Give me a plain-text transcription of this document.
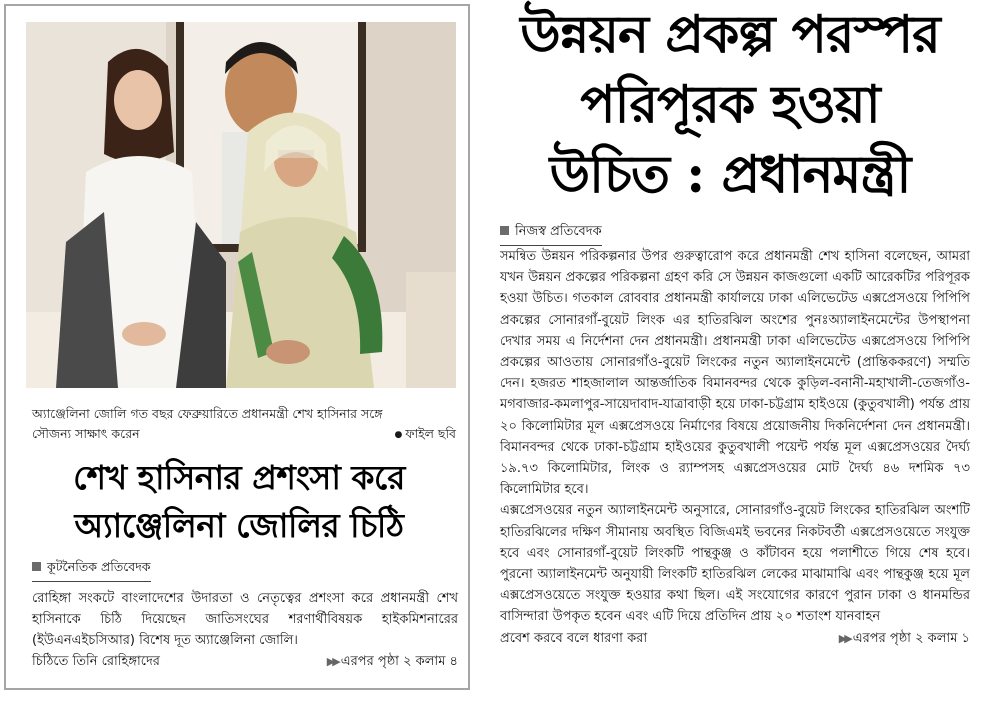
অ্যাঞ্জেলিনা জোলি গত বছর ফেব্রুয়ারিতে প্রধানমন্ত্রী শেখ হাসিনার সঙ্গে
সৌজন্য সাক্ষাৎ করেন
●	ফাইল ছবি
শেখ হাসিনার প্রশংসা করে
অ্যাঞ্জেলিনা জোলির চিঠি
কূটনৈতিক প্রতিবেদক
রোহিঙ্গা সংকটে বাংলাদেশের উদারতা ও নেতৃত্বের প্রশংসা করে প্রধানমন্ত্রী শেখ হাসিনাকে চিঠি দিয়েছেন জাতিসংঘের শরণার্থীবিষয়ক হাইকমিশনারের (ইউএনএইচসিআর) বিশেষ দূত অ্যাঞ্জেলিনা জোলি।
চিঠিতে তিনি রোহিঙ্গাদের	▶▶ এরপর পৃষ্ঠা ২ কলাম ৪
উন্নয়ন প্রকল্প পরস্পর
পরিপূরক হওয়া
উচিত : প্রধানমন্ত্রী
নিজস্ব প্রতিবেদক

সমন্বিত উন্নয়ন পরিকল্পনার উপর গুরুত্বারোপ করে প্রধানমন্ত্রী শেখ হাসিনা বলেছেন, আমরা যখন উন্নয়ন প্রকল্পের পরিকল্পনা গ্রহণ করি সে উন্নয়ন কাজগুলো একটি আরেকটির পরিপূরক হওয়া উচিত। গতকাল রোববার প্রধানমন্ত্রী কার্যালয়ে ঢাকা এলিভেটেড এক্সপ্রেসওয়ে পিপিপি প্রকল্পের সোনারগাঁ-বুয়েট লিংক এর হাতিরঝিল অংশের পুনঃঅ্যালাইনমেন্টের উপস্থাপনা দেখার সময় এ নির্দেশনা দেন প্রধানমন্ত্রী। প্রধানমন্ত্রী ঢাকা এলিভেটেড এক্সপ্রেসওয়ে পিপিপি প্রকল্পের আওতায় সোনারগাঁও-বুয়েট লিংকের নতুন অ্যালাইনমেন্টে (প্রান্তিককরণে) সম্মতি দেন। হজরত শাহজালাল আন্তর্জাতিক বিমানবন্দর থেকে কুড়িল-বনানী-মহাখালী-তেজগাঁও-মগবাজার-কমলাপুর-সায়েদাবাদ-যাত্রাবাড়ী হয়ে ঢাকা-চট্টগ্রাম হাইওয়ে (কুতুবখালী) পর্যন্ত প্রায় ২০ কিলোমিটার মূল এক্সপ্রেসওয়ে নির্মাণের বিষয়ে প্রয়োজনীয় দিকনির্দেশনা দেন প্রধানমন্ত্রী। বিমানবন্দর থেকে ঢাকা-চট্টগ্রাম হাইওয়ের কুতুবখালী পয়েন্ট পর্যন্ত মূল এক্সপ্রেসওয়ের দৈর্ঘ্য ১৯.৭৩ কিলোমিটার, লিংক ও র‌্যাম্পসহ এক্সপ্রেসওয়ের মোট দৈর্ঘ্য ৪৬ দশমিক ৭৩ কিলোমিটার হবে।

এক্সপ্রেসওয়ের নতুন অ্যালাইনমেন্ট অনুসারে, সোনারগাঁও-বুয়েট লিংকের হাতিরঝিল অংশটি হাতিরঝিলের দক্ষিণ সীমানায় অবস্থিত বিজিএমই ভবনের নিকটবর্তী এক্সপ্রেসওয়েতে সংযুক্ত হবে এবং সোনারগাঁ-বুয়েট লিংকটি পান্থকুঞ্জ ও কাঁটাবন হয়ে পলাশীতে গিয়ে শেষ হবে। পুরনো অ্যালাইনমেন্ট অনুযায়ী লিংকটি হাতিরঝিল লেকের মাঝামাঝি এবং পান্থকুঞ্জ হয়ে মূল এক্সপ্রেসওয়েতে সংযুক্ত হওয়ার কথা ছিল। এই সংযোগের কারণে পুরান ঢাকা ও ধানমন্ডির বাসিন্দারা উপকৃত হবেন এবং এটি দিয়ে প্রতিদিন প্রায় ২০ শতাংশ যানবাহন

প্রবেশ করবে বলে ধারণা করা	▶▶ এরপর পৃষ্ঠা ২ কলাম ১
